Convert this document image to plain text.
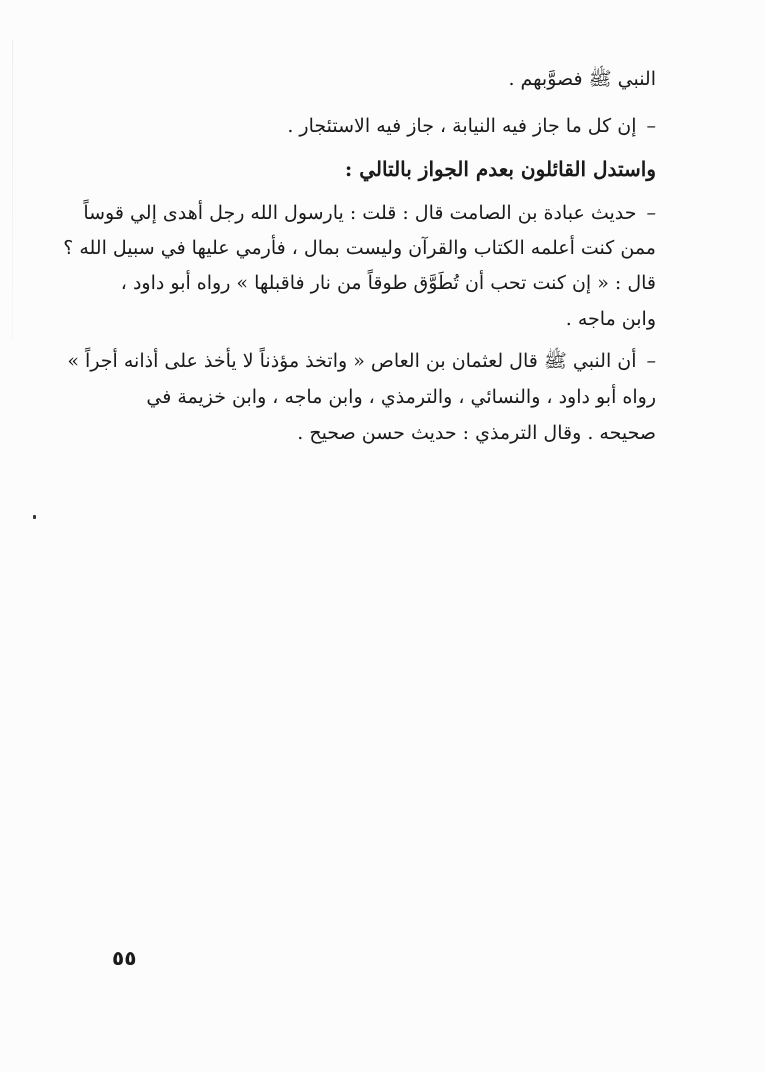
النبي ﷺ فصوَّبهم .
–إن كل ما جاز فيه النيابة ، جاز فيه الاستئجار .
واستدل القائلون بعدم الجواز بالتالي :
–حديث عبادة بن الصامت قال : قلت : يارسول الله رجل أهدى إلي قوساً
ممن كنت أعلمه الكتاب والقرآن وليست بمال ، فأرمي عليها في سبيل الله ؟
قال : « إن كنت تحب أن تُطَوَّق طوقاً من نار فاقبلها » رواه أبو داود ،
وابن ماجه .
–أن النبي ﷺ قال لعثمان بن العاص « واتخذ مؤذناً لا يأخذ على أذانه أجراً »
رواه أبو داود ، والنسائي ، والترمذي ، وابن ماجه ، وابن خزيمة في
صحيحه . وقال الترمذي : حديث حسن صحيح .
٥٥
